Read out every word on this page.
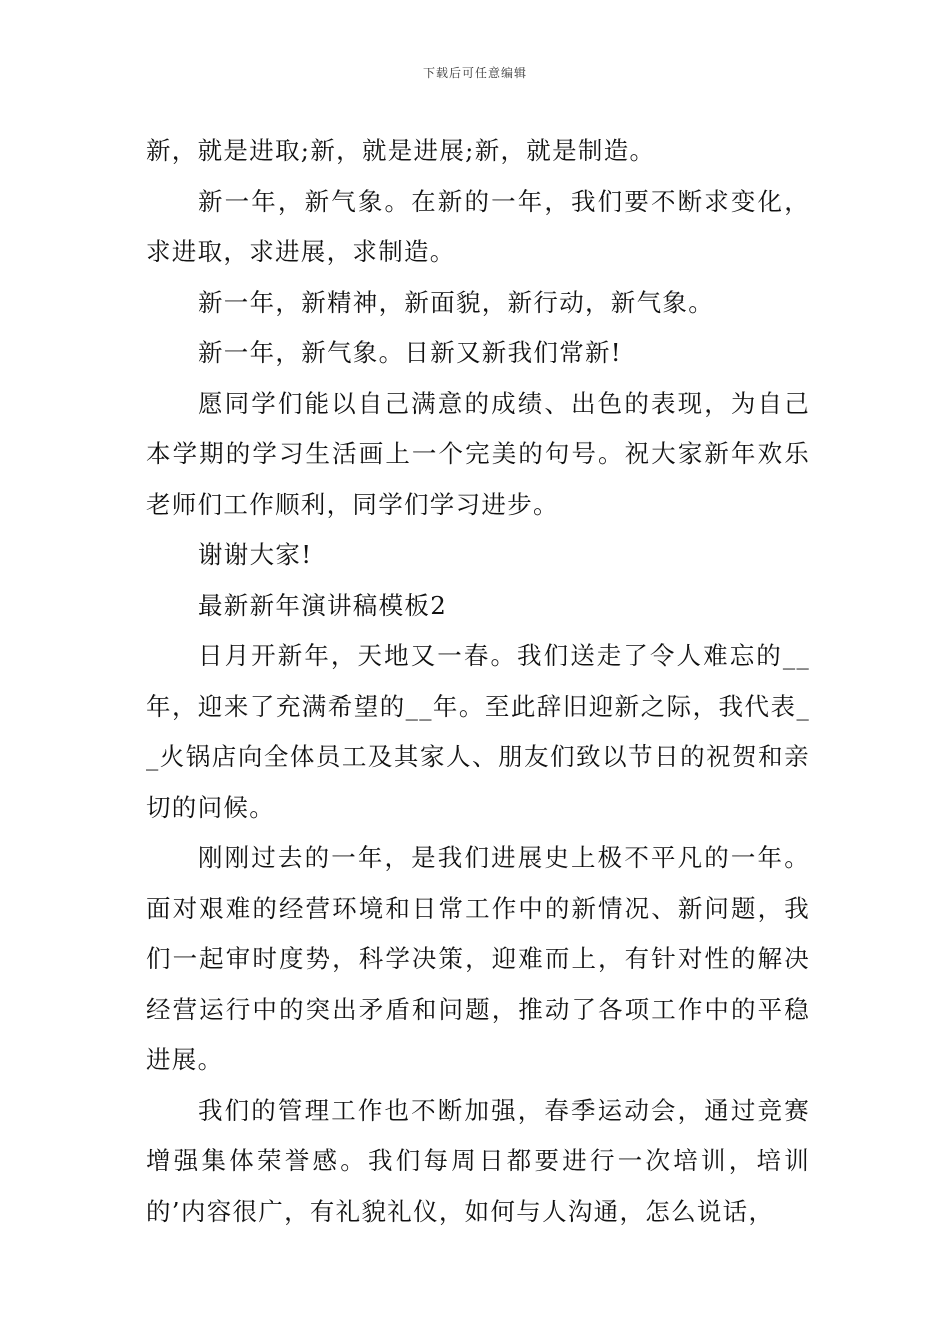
下载后可任意编辑

新，就是进取;新，就是进展;新，就是制造。

新一年，新气象。在新的一年，我们要不断求变化，求进取，求进展，求制造。

新一年，新精神，新面貌，新行动，新气象。

新一年，新气象。日新又新我们常新!

愿同学们能以自己满意的成绩、出色的表现，为自己本学期的学习生活画上一个完美的句号。祝大家新年欢乐老师们工作顺利，同学们学习进步。

谢谢大家!

最新新年演讲稿模板2

日月开新年，天地又一春。我们送走了令人难忘的__年，迎来了充满希望的__年。至此辞旧迎新之际，我代表__火锅店向全体员工及其家人、朋友们致以节日的祝贺和亲切的问候。

刚刚过去的一年，是我们进展史上极不平凡的一年。面对艰难的经营环境和日常工作中的新情况、新问题，我们一起审时度势，科学决策，迎难而上，有针对性的解决经营运行中的突出矛盾和问题，推动了各项工作中的平稳进展。

我们的管理工作也不断加强，春季运动会，通过竞赛增强集体荣誉感。我们每周日都要进行一次培训，培训的’内容很广，有礼貌礼仪，如何与人沟通，怎么说话，
